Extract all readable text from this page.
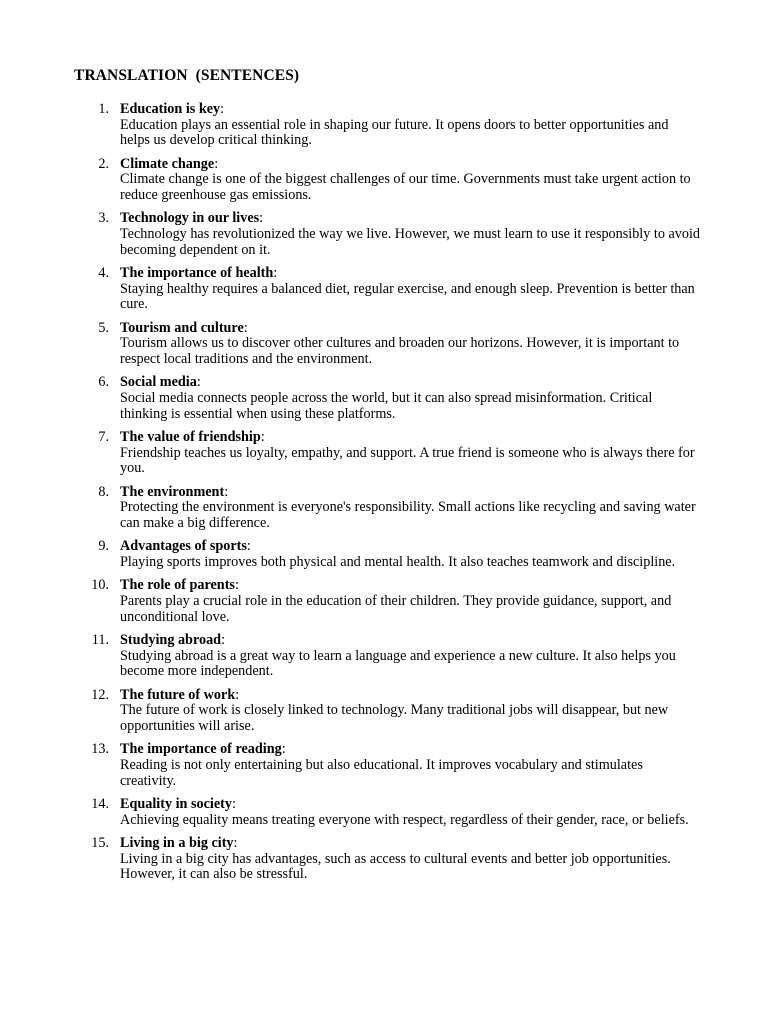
TRANSLATION  (SENTENCES)
1. Education is key:
Education plays an essential role in shaping our future. It opens doors to better opportunities and helps us develop critical thinking.
2. Climate change:
Climate change is one of the biggest challenges of our time. Governments must take urgent action to reduce greenhouse gas emissions.
3. Technology in our lives:
Technology has revolutionized the way we live. However, we must learn to use it responsibly to avoid becoming dependent on it.
4. The importance of health:
Staying healthy requires a balanced diet, regular exercise, and enough sleep. Prevention is better than cure.
5. Tourism and culture:
Tourism allows us to discover other cultures and broaden our horizons. However, it is important to respect local traditions and the environment.
6. Social media:
Social media connects people across the world, but it can also spread misinformation. Critical thinking is essential when using these platforms.
7. The value of friendship:
Friendship teaches us loyalty, empathy, and support. A true friend is someone who is always there for you.
8. The environment:
Protecting the environment is everyone's responsibility. Small actions like recycling and saving water can make a big difference.
9. Advantages of sports:
Playing sports improves both physical and mental health. It also teaches teamwork and discipline.
10. The role of parents:
Parents play a crucial role in the education of their children. They provide guidance, support, and unconditional love.
11. Studying abroad:
Studying abroad is a great way to learn a language and experience a new culture. It also helps you become more independent.
12. The future of work:
The future of work is closely linked to technology. Many traditional jobs will disappear, but new opportunities will arise.
13. The importance of reading:
Reading is not only entertaining but also educational. It improves vocabulary and stimulates creativity.
14. Equality in society:
Achieving equality means treating everyone with respect, regardless of their gender, race, or beliefs.
15. Living in a big city:
Living in a big city has advantages, such as access to cultural events and better job opportunities. However, it can also be stressful.
